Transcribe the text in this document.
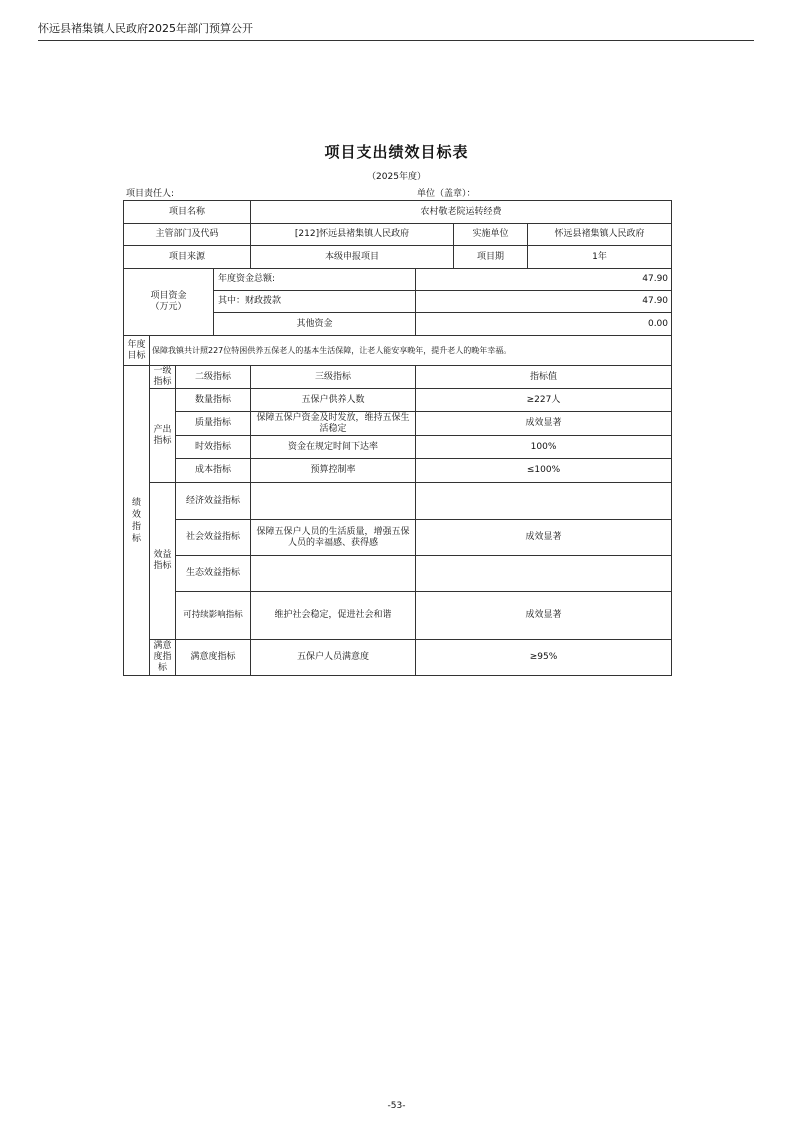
怀远县褚集镇人民政府2025年部门预算公开
项目支出绩效目标表
（2025年度）
项目责任人:	单位（盖章）：
项目名称				农村敬老院运转经费			
主管部门及代码				[212]怀远县褚集镇人民政府		实施单位	怀远县褚集镇人民政府
项目来源				本级申报项目		项目期	1年
项目资金（万元）			年度资金总额:		47.90		
			其中：财政拨款		47.90		
			其他资金		0.00		
年度目标	保障我镇共计照227位特困供养五保老人的基本生活保障，让老人能安享晚年，提升老人的晚年幸福。						
绩效指标	一级指标	二级指标		三级指标	指标值		
	产出指标	数量指标		五保户供养人数	≥227人		
		质量指标		保障五保户资金及时发放，维持五保生活稳定	成效显著		
		时效指标		资金在规定时间下达率	100%		
		成本指标		预算控制率	≤100%		
	效益指标	经济效益指标					
		社会效益指标		保障五保户人员的生活质量，增强五保人员的幸福感、获得感	成效显著		
		生态效益指标					
		可持续影响指标		维护社会稳定，促进社会和谐	成效显著		
	满意度指标	满意度指标		五保户人员满意度	≥95%		
-53-
